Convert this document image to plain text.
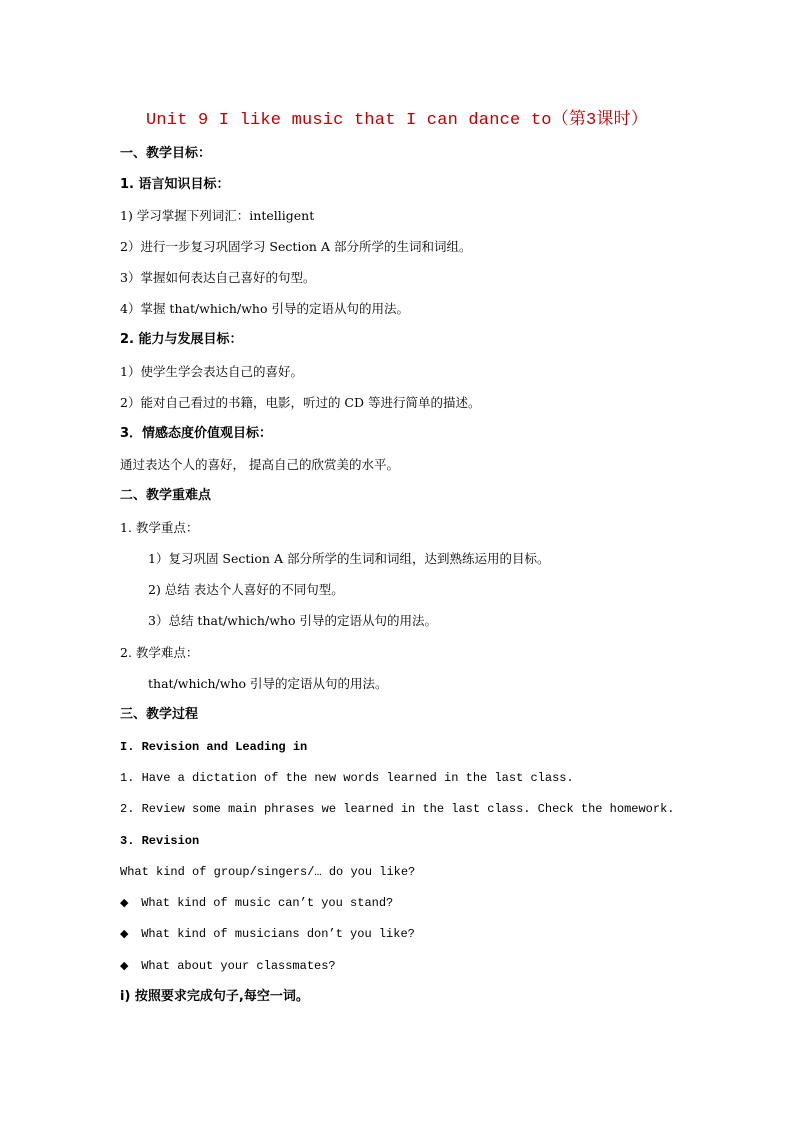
Unit 9 I like music that I can dance to（第3课时）
一、教学目标：
1. 语言知识目标：
1) 学习掌握下列词汇：intelligent
2）进行一步复习巩固学习 Section A 部分所学的生词和词组。
3）掌握如何表达自己喜好的句型。
4）掌握 that/which/who 引导的定语从句的用法。
2. 能力与发展目标：
1）使学生学会表达自己的喜好。
2）能对自己看过的书籍，电影，听过的 CD 等进行简单的描述。
3．情感态度价值观目标：
通过表达个人的喜好， 提高自己的欣赏美的水平。
二、教学重难点
1. 教学重点：
1）复习巩固 Section A 部分所学的生词和词组，达到熟练运用的目标。
2) 总结 表达个人喜好的不同句型。
3）总结 that/which/who 引导的定语从句的用法。
2. 教学难点：
that/which/who 引导的定语从句的用法。
三、教学过程
I. Revision and Leading in
1. Have a dictation of the new words learned in the last class.
2. Review some main phrases we learned in the last class. Check the homework.
3. Revision
What kind of group/singers/… do you like?
◆ What kind of music can’t you stand?
◆ What kind of musicians don’t you like?
◆ What about your classmates?
i) 按照要求完成句子,每空一词。
